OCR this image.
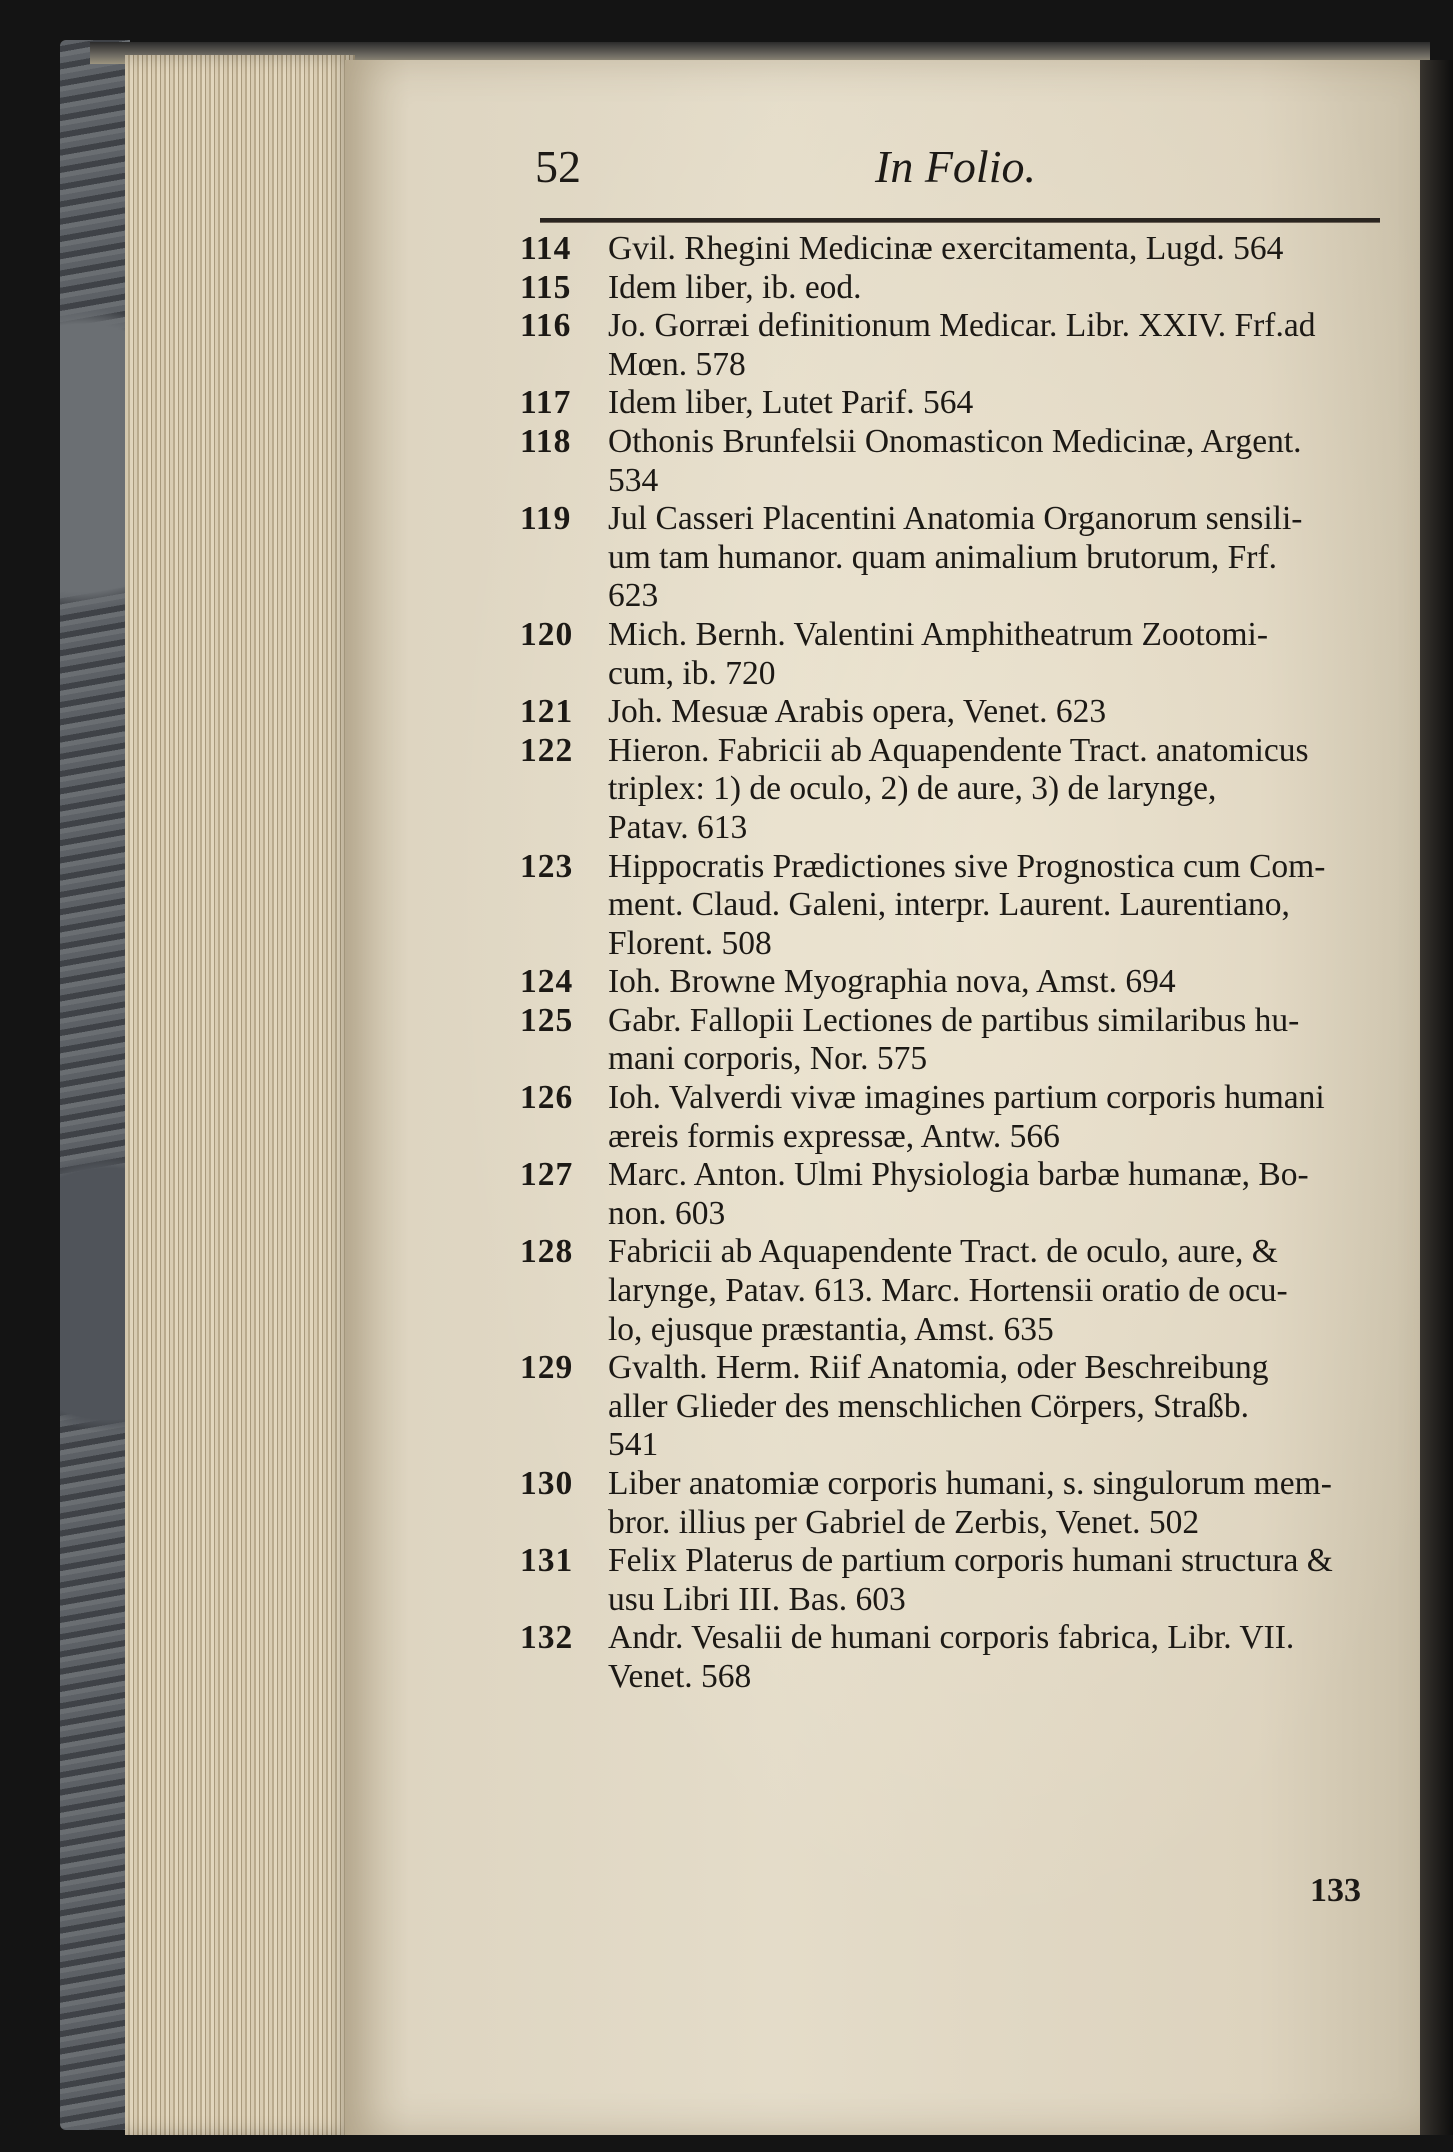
52	In Folio.
114	Gvil. Rhegini Medicinæ exercitamenta, Lugd. 564
115	Idem liber, ib. eod.
116	Jo. Gorræi definitionum Medicar. Libr. XXIV. Frf.ad
Mœn. 578
117	Idem liber, Lutet Parif. 564
118	Othonis Brunfelsii Onomasticon Medicinæ, Argent.
534
119	Jul Casseri Placentini Anatomia Organorum sensili-
um tam humanor. quam animalium brutorum, Frf.
623
120	Mich. Bernh. Valentini Amphitheatrum Zootomi-
cum, ib. 720
121	Joh. Mesuæ Arabis opera, Venet. 623
122	Hieron. Fabricii ab Aquapendente Tract. anatomicus
triplex: 1) de oculo, 2) de aure, 3) de larynge,
Patav. 613
123	Hippocratis Prædictiones sive Prognostica cum Com-
ment. Claud. Galeni, interpr. Laurent. Laurentiano,
Florent. 508
124	Ioh. Browne Myographia nova, Amst. 694
125	Gabr. Fallopii Lectiones de partibus similaribus hu-
mani corporis, Nor. 575
126	Ioh. Valverdi vivæ imagines partium corporis humani
æreis formis expressæ, Antw. 566
127	Marc. Anton. Ulmi Physiologia barbæ humanæ, Bo-
non. 603
128	Fabricii ab Aquapendente Tract. de oculo, aure, &
larynge, Patav. 613. Marc. Hortensii oratio de ocu-
lo, ejusque præstantia, Amst. 635
129	Gvalth. Herm. Riif Anatomia, oder Beschreibung
aller Glieder des menschlichen Cörpers, Straßb.
541
130	Liber anatomiæ corporis humani, s. singulorum mem-
bror. illius per Gabriel de Zerbis, Venet. 502
131	Felix Platerus de partium corporis humani structura &
usu Libri III. Bas. 603
132	Andr. Vesalii de humani corporis fabrica, Libr. VII.
Venet. 568
133
